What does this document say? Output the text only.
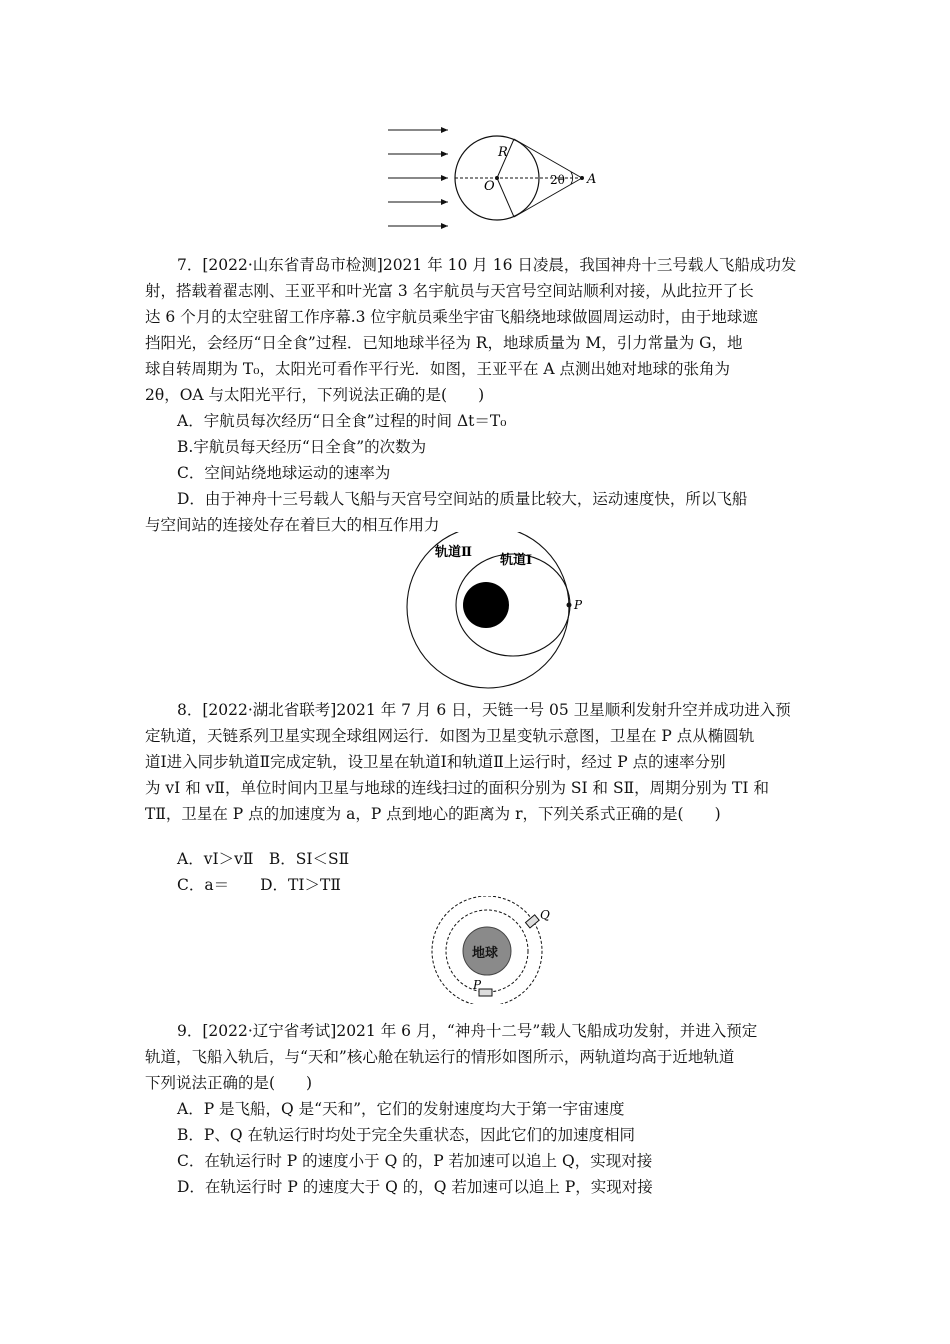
R
O	2θ A

7．[2022·山东省青岛市检测]2021 年 10 月 16 日凌晨，我国神舟十三号载人飞船成功发

射，搭载着翟志刚、王亚平和叶光富 3 名宇航员与天宫号空间站顺利对接，从此拉开了长

达 6 个月的太空驻留工作序幕.3 位宇航员乘坐宇宙飞船绕地球做圆周运动时，由于地球遮

挡阳光，会经历“日全食”过程．已知地球半径为 R，地球质量为 M，引力常量为 G，地

球自转周期为 T₀，太阳光可看作平行光．如图，王亚平在 A 点测出她对地球的张角为

2θ，OA 与太阳光平行，下列说法正确的是(　　)

A．宇航员每次经历“日全食”过程的时间 Δt＝T₀

B.宇航员每天经历“日全食”的次数为

C．空间站绕地球运动的速率为

D．由于神舟十三号载人飞船与天宫号空间站的质量比较大，运动速度快，所以飞船

与空间站的连接处存在着巨大的相互作用力

轨道Ⅱ
轨道Ⅰ
P

8．[2022·湖北省联考]2021 年 7 月 6 日，天链一号 05 卫星顺利发射升空并成功进入预

定轨道，天链系列卫星实现全球组网运行．如图为卫星变轨示意图，卫星在 P 点从椭圆轨

道Ⅰ进入同步轨道Ⅱ完成定轨，设卫星在轨道Ⅰ和轨道Ⅱ上运行时，经过 P 点的速率分别

为 vⅠ 和 vⅡ，单位时间内卫星与地球的连线扫过的面积分别为 SⅠ 和 SⅡ，周期分别为 TⅠ 和

TⅡ，卫星在 P 点的加速度为 a，P 点到地心的距离为 r，下列关系式正确的是(　　)

A．vⅠ＞vⅡ　B．SⅠ＜SⅡ

C．a＝　　D．TⅠ＞TⅡ

地球
Q
P

9．[2022·辽宁省考试]2021 年 6 月，“神舟十二号”载人飞船成功发射，并进入预定

轨道，飞船入轨后，与“天和”核心舱在轨运行的情形如图所示，两轨道均高于近地轨道

下列说法正确的是(　　)

A．P 是飞船，Q 是“天和”，它们的发射速度均大于第一宇宙速度

B．P、Q 在轨运行时均处于完全失重状态，因此它们的加速度相同

C．在轨运行时 P 的速度小于 Q 的，P 若加速可以追上 Q，实现对接

D．在轨运行时 P 的速度大于 Q 的，Q 若加速可以追上 P，实现对接
